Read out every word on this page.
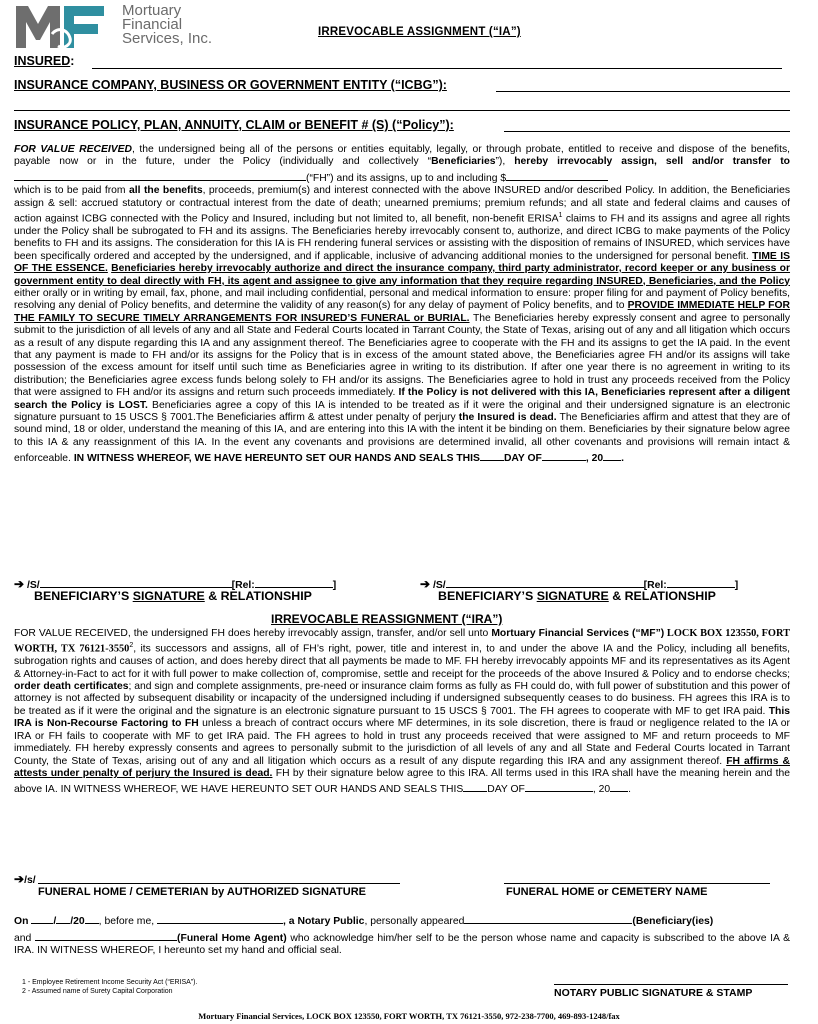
Mortuary
Financial
Services, Inc.	IRREVOCABLE ASSIGNMENT (“IA”)
INSURED:
INSURANCE COMPANY, BUSINESS OR GOVERNMENT ENTITY (“ICBG”):
INSURANCE POLICY, PLAN, ANNUITY, CLAIM or BENEFIT # (S) (“Policy”):
FOR VALUE RECEIVED, the undersigned being all of the persons or entities equitably, legally, or through probate, entitled to receive and dispose of the benefits, payable now or in the future, under the Policy (individually and collectively “Beneficiaries”), hereby irrevocably assign, sell and/or transfer to (“FH”) and its assigns, up to and including $
which is to be paid from all the benefits, proceeds, premium(s) and interest connected with the above INSURED and/or described Policy. In addition, the Beneficiaries assign & sell: accrued statutory or contractual interest from the date of death; unearned premiums; premium refunds; and all state and federal claims and causes of action against ICBG connected with the Policy and Insured, including but not limited to, all benefit, non-benefit ERISA$^1$ claims to FH and its assigns and agree all rights under the Policy shall be subrogated to FH and its assigns. The Beneficiaries hereby irrevocably consent to, authorize, and direct ICBG to make payments of the Policy benefits to FH and its assigns. The consideration for this IA is FH rendering funeral services or assisting with the disposition of remains of INSURED, which services have been specifically ordered and accepted by the undersigned, and if applicable, inclusive of advancing additional monies to the undersigned for personal benefit. TIME IS OF THE ESSENCE. Beneficiaries hereby irrevocably authorize and direct the insurance company, third party administrator, record keeper or any business or government entity to deal directly with FH, its agent and assignee to give any information that they require regarding INSURED, Beneficiaries, and the Policy either orally or in writing by email, fax, phone, and mail including confidential, personal and medical information to ensure: proper filing for and payment of Policy benefits, resolving any denial of Policy benefits, and determine the validity of any reason(s) for any delay of payment of Policy benefits, and to PROVIDE IMMEDIATE HELP FOR THE FAMILY TO SECURE TIMELY ARRANGEMENTS FOR INSURED’S FUNERAL or BURIAL. The Beneficiaries hereby expressly consent and agree to personally submit to the jurisdiction of all levels of any and all State and Federal Courts located in Tarrant County, the State of Texas, arising out of any and all litigation which occurs as a result of any dispute regarding this IA and any assignment thereof. The Beneficiaries agree to cooperate with the FH and its assigns to get the IA paid. In the event that any payment is made to FH and/or its assigns for the Policy that is in excess of the amount stated above, the Beneficiaries agree FH and/or its assigns will take possession of the excess amount for itself until such time as Beneficiaries agree in writing to its distribution. If after one year there is no agreement in writing to its distribution; the Beneficiaries agree excess funds belong solely to FH and/or its assigns. The Beneficiaries agree to hold in trust any proceeds received from the Policy that were assigned to FH and/or its assigns and return such proceeds immediately. If the Policy is not delivered with this IA, Beneficiaries represent after a diligent search the Policy is LOST. Beneficiaries agree a copy of this IA is intended to be treated as if it were the original and their undersigned signature is an electronic signature pursuant to 15 USCS § 7001.The Beneficiaries affirm & attest under penalty of perjury the Insured is dead. The Beneficiaries affirm and attest that they are of sound mind, 18 or older, understand the meaning of this IA, and are entering into this IA with the intent it be binding on them. Beneficiaries by their signature below agree to this IA & any reassignment of this IA. In the event any covenants and provisions are determined invalid, all other covenants and provisions will remain intact & enforceable. IN WITNESS WHEREOF, WE HAVE HEREUNTO SET OUR HANDS AND SEALS THIS DAY OF	, 20 .
➔ /S/	[Rel:	]
BENEFICIARY’S SIGNATURE & RELATIONSHIP
➔ /S/	[Rel:	]
BENEFICIARY’S SIGNATURE & RELATIONSHIP
IRREVOCABLE REASSIGNMENT (“IRA”)
FOR VALUE RECEIVED, the undersigned FH does hereby irrevocably assign, transfer, and/or sell unto Mortuary Financial Services (“MF”) LOCK BOX 123550, FORT WORTH, TX 76121-3550$^2$, its successors and assigns, all of FH’s right, power, title and interest in, to and under the above IA and the Policy, including all benefits, subrogation rights and causes of action, and does hereby direct that all payments be made to MF. FH hereby irrevocably appoints MF and its representatives as its Agent & Attorney-in-Fact to act for it with full power to make collection of, compromise, settle and receipt for the proceeds of the above Insured & Policy and to endorse checks; order death certificates; and sign and complete assignments, pre-need or insurance claim forms as fully as FH could do, with full power of substitution and this power of attorney is not affected by subsequent disability or incapacity of the undersigned including if undersigned subsequently ceases to do business. FH agrees this IRA is to be treated as if it were the original and the signature is an electronic signature pursuant to 15 USCS § 7001. The FH agrees to cooperate with MF to get IRA paid. This IRA is Non-Recourse Factoring to FH unless a breach of contract occurs where MF determines, in its sole discretion, there is fraud or negligence related to the IA or IRA or FH fails to cooperate with MF to get IRA paid. The FH agrees to hold in trust any proceeds received that were assigned to MF and return proceeds to MF immediately. FH hereby expressly consents and agrees to personally submit to the jurisdiction of all levels of any and all State and Federal Courts located in Tarrant County, the State of Texas, arising out of any and all litigation which occurs as a result of any dispute regarding this IRA and any assignment thereof. FH affirms & attests under penalty of perjury the Insured is dead. FH by their signature below agree to this IRA. All terms used in this IRA shall have the meaning herein and the above IA. IN WITNESS WHEREOF, WE HAVE HEREUNTO SET OUR HANDS AND SEALS THIS DAY OF	, 20 .
➔/s/
FUNERAL HOME / CEMETERIAN by AUTHORIZED SIGNATURE	FUNERAL HOME or CEMETERY NAME
On / /20 , before me,	, a Notary Public, personally appeared	(Beneficiary(ies)
and	(Funeral Home Agent) who acknowledge him/her self to be the person whose name and capacity is subscribed to the above IA & IRA. IN WITNESS WHEREOF, I hereunto set my hand and official seal.
NOTARY PUBLIC SIGNATURE & STAMP
1 - Employee Retirement Income Security Act (“ERISA”).
2 - Assumed name of Surety Capital Corporation
Mortuary Financial Services, LOCK BOX 123550, FORT WORTH, TX 76121-3550, 972-238-7700, 469-893-1248/fax
